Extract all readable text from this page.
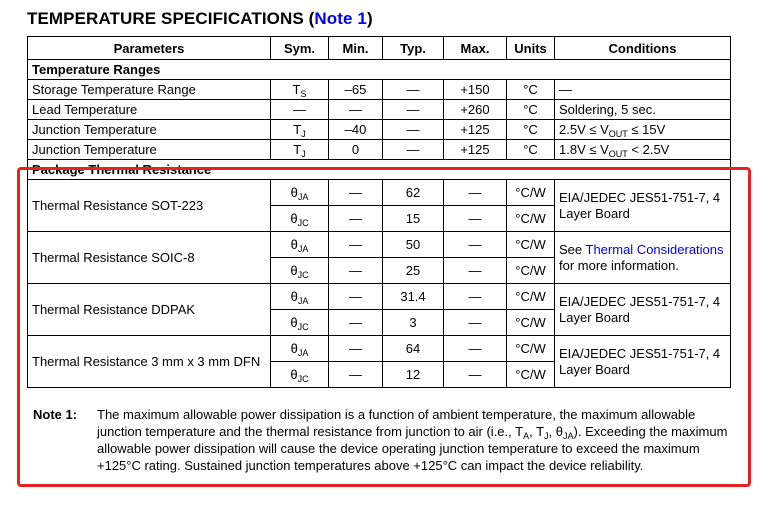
TEMPERATURE SPECIFICATIONS (Note 1)
Parameters	Sym.	Min.	Typ.	Max.	Units	Conditions
Temperature Ranges						
Storage Temperature Range	$T_S$	–65	—	+150	°C	—
Lead Temperature	—	—	—	+260	°C	Soldering, 5 sec.
Junction Temperature	$T_J$	–40	—	+125	°C	$2.5V \le V_{OUT} \le 15V$
Junction Temperature	$T_J$	0	—	+125	°C	$1.8V \le V_{OUT} < 2.5V$
Package Thermal Resistance						
Thermal Resistance SOT-223	$\theta_{JA}$	—	62	—	°C/W	EIA/JEDEC JES51-751-7, 4 Layer Board
	$\theta_{JC}$	—	15	—	°C/W	
Thermal Resistance SOIC-8	$\theta_{JA}$	—	50	—	°C/W	See Thermal Considerations for more information.
	$\theta_{JC}$	—	25	—	°C/W	
Thermal Resistance DDPAK	$\theta_{JA}$	—	31.4	—	°C/W	EIA/JEDEC JES51-751-7, 4 Layer Board
	$\theta_{JC}$	—	3	—	°C/W	
Thermal Resistance 3 mm x 3 mm DFN	$\theta_{JA}$	—	64	—	°C/W	EIA/JEDEC JES51-751-7, 4 Layer Board
	$\theta_{JC}$	—	12	—	°C/W	
Note 1: The maximum allowable power dissipation is a function of ambient temperature, the maximum allowable junction temperature and the thermal resistance from junction to air (i.e., $T_A$, $T_J$, $\theta_{JA}$). Exceeding the maximum allowable power dissipation will cause the device operating junction temperature to exceed the maximum +125°C rating. Sustained junction temperatures above +125°C can impact the device reliability.
